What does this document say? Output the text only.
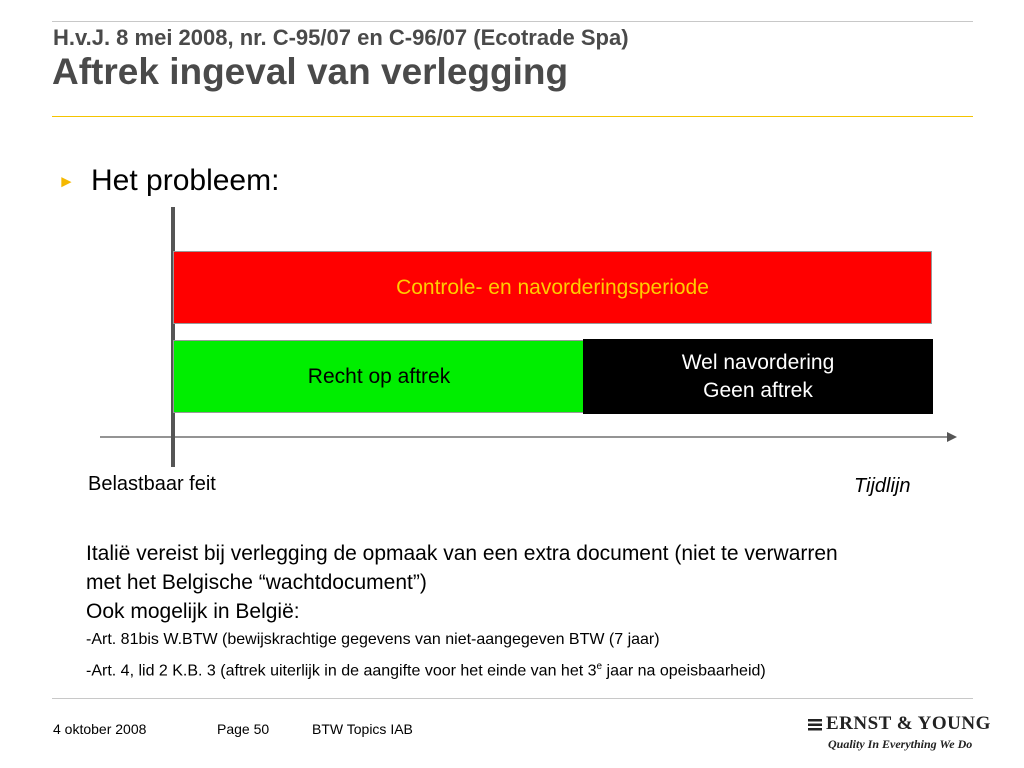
H.v.J. 8 mei 2008, nr. C-95/07 en C-96/07 (Ecotrade Spa)
Aftrek ingeval van verlegging
► Het probleem:
Controle- en navorderingsperiode
Recht op aftrek
Wel navordering
Geen aftrek
Belastbaar feit	Tijdlijn
Italië vereist bij verlegging de opmaak van een extra document (niet te verwarren
met het Belgische “wachtdocument”)
Ook mogelijk in België:
-Art. 81bis W.BTW (bewijskrachtige gegevens van niet-aangegeven BTW (7 jaar)
-Art. 4, lid 2 K.B. 3 (aftrek uiterlijk in de aangifte voor het einde van het 3e jaar na opeisbaarheid)
4 oktober 2008	Page 50	BTW Topics IAB	ERNST & YOUNG
Quality In Everything We Do
